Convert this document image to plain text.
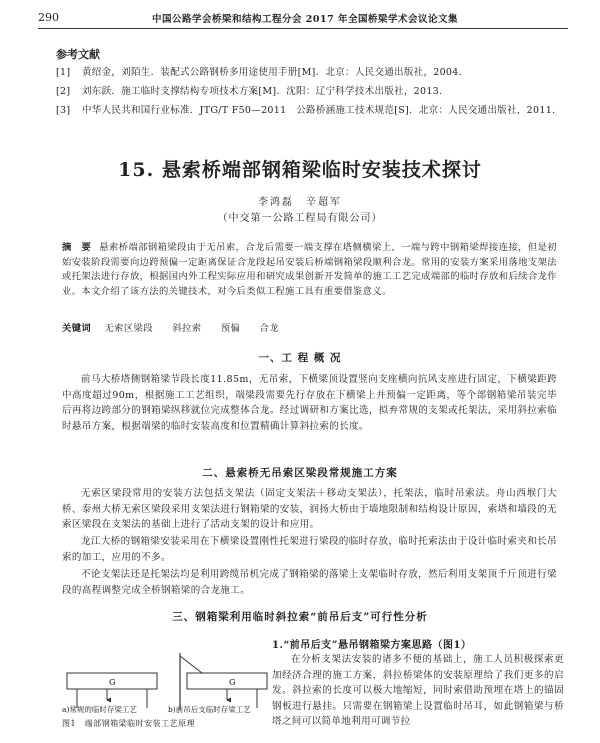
290	中国公路学会桥梁和结构工程分会 2017 年全国桥梁学术会议论文集
参考文献
[1] 黄绍金，刘陌生．装配式公路钢桥多用途使用手册[M]．北京：人民交通出版社，2004.
[2] 刘东跃．施工临时支撑结构专项技术方案[M]．沈阳：辽宁科学技术出版社，2013.
[3] 中华人民共和国行业标准．JTG/T F50—2011　公路桥涵施工技术规范[S]．北京：人民交通出版社，2011.
15. 悬索桥端部钢箱梁临时安装技术探讨
李鸿磊　辛超军
（中交第一公路工程局有限公司）
摘　要 悬索桥端部钢箱梁段由于无吊索，合龙后需要一端支撑在塔侧横梁上，一端与跨中钢箱梁焊接连接，但是初始安装阶段需要向边跨预偏一定距离保证合龙段起吊安装后桥端钢箱梁段顺利合龙。常用的安装方案采用落地支架法或托架法进行存放，根据国内外工程实际应用和研究成果创新开发简单的施工工艺完成端部的临时存放和后续合龙作业。本文介绍了该方法的关键技术，对今后类似工程施工具有重要借鉴意义。
关键词 无索区梁段 斜拉索 预偏 合龙
一、工 程 概 况
前马大桥塔侧钢箱梁节段长度11.85m，无吊索，下横梁顶设置竖向支座横向抗风支座进行固定，下横梁距跨中高度超过90m，根据施工工艺组织，端梁段需要先行存放在下横梁上并预偏一定距离，等个部钢箱梁吊装完毕后再将边跨部分的钢箱梁纵移就位完成整体合龙。经过调研和方案比选，拟弃常规的支架或托架法，采用斜拉索临时悬吊方案，根据端梁的临时安装高度和位置精确计算斜拉索的长度。
二、悬索桥无吊索区梁段常规施工方案
无索区梁段常用的安装方法包括支架法（固定支架法＋移动支架法），托架法，临时吊索法。舟山西堠门大桥、泰州大桥无索区梁段采用支架法进行钢箱梁的安装，润扬大桥由于墙地限制和结构设计原因，索塔和墙段的无索区梁段在支架法的基础上进行了活动支架的设计和应用。
龙江大桥的钢箱梁安装采用在下横梁设置刚性托架进行梁段的临时存放，临时托索法由于设计临时索夹和长吊索的加工，应用的不多。
不论支架法还是托架法均是利用跨缆吊机完成了钢箱梁的落梁上支架临时存放，然后利用支架顶千斤顶进行梁段的高程调整完成全桥钢箱梁的合龙施工。
三、钢箱梁利用临时斜拉索“前吊后支”可行性分析
1.“前吊后支”悬吊钢箱梁方案思路（图1）
在分析支架法安装的诸多不便的基础上，施工人员积极探索更加经济合理的施工方案，斜拉桥梁体的安装原理给了我们更多的启发。斜拉索的长度可以极大地缩短，同时索借助预埋在塔上的锚固钢板进行悬挂。只需要在钢箱梁上设置临时吊耳，如此钢箱梁与桥塔之间可以简单地利用可调节拉
G	G
a)常规的临时存梁工艺	b)前吊后支临时存梁工艺
图1　端部钢箱梁临时安装工艺原理
